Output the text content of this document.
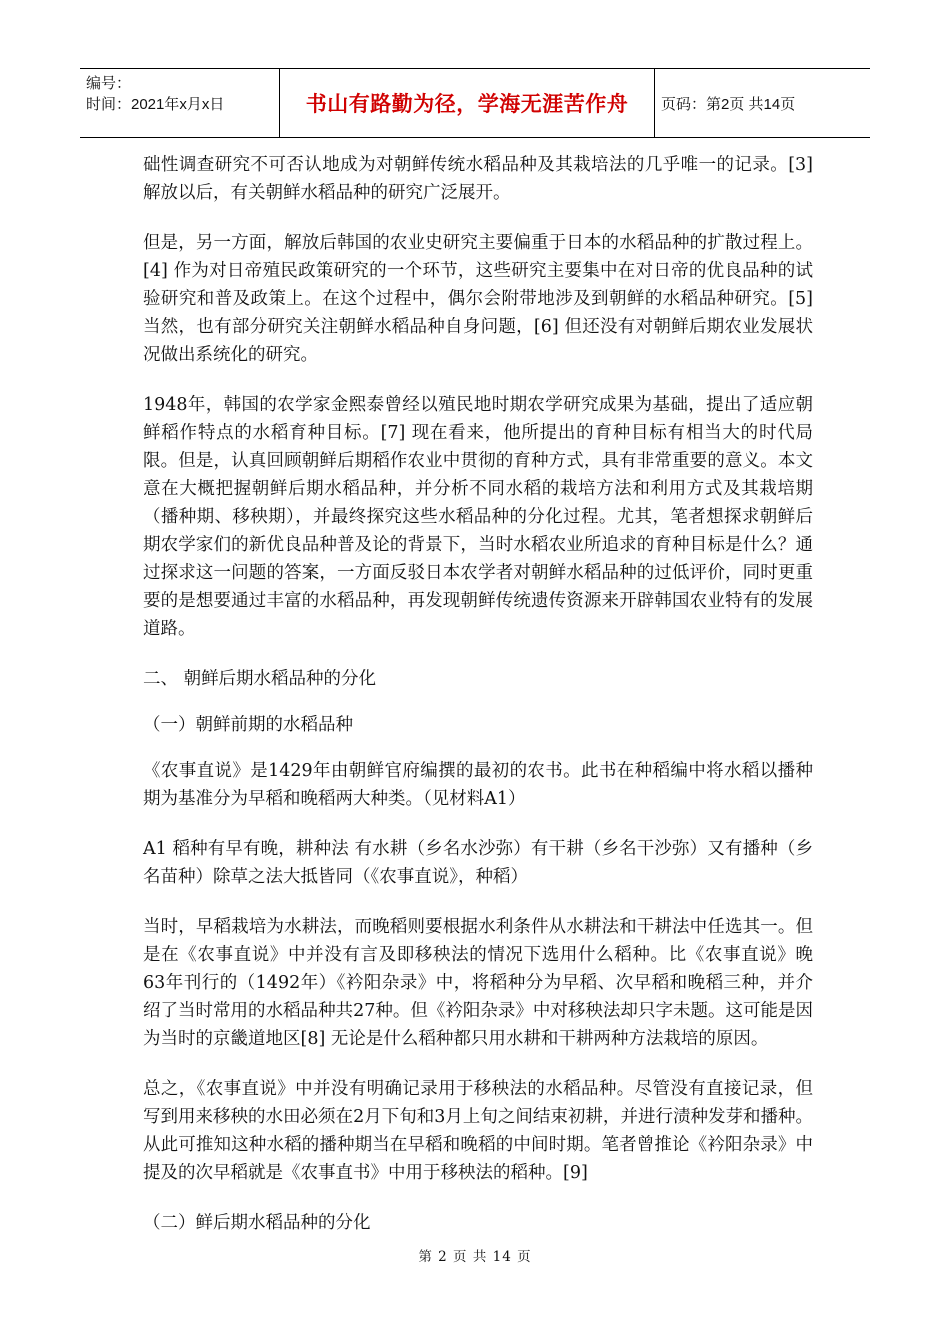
编号：
时间：2021年x月x日	书山有路勤为径，学海无涯苦作舟 页码：第2页 共14页

础性调查研究不可否认地成为对朝鲜传统水稻品种及其栽培法的几乎唯一的记录。[3] 解放以后，有关朝鲜水稻品种的研究广泛展开。

但是，另一方面，解放后韩国的农业史研究主要偏重于日本的水稻品种的扩散过程上。[4] 作为对日帝殖民政策研究的一个环节，这些研究主要集中在对日帝的优良品种的试验研究和普及政策上。在这个过程中，偶尔会附带地涉及到朝鲜的水稻品种研究。[5] 当然，也有部分研究关注朝鲜水稻品种自身问题，[6] 但还没有对朝鲜后期农业发展状况做出系统化的研究。

1948年，韩国的农学家金熙泰曾经以殖民地时期农学研究成果为基础，提出了适应朝鲜稻作特点的水稻育种目标。[7] 现在看来，他所提出的育种目标有相当大的时代局限。但是，认真回顾朝鲜后期稻作农业中贯彻的育种方式，具有非常重要的意义。本文意在大概把握朝鲜后期水稻品种，并分析不同水稻的栽培方法和利用方式及其栽培期（播种期、移秧期），并最终探究这些水稻品种的分化过程。尤其，笔者想探求朝鲜后期农学家们的新优良品种普及论的背景下，当时水稻农业所追求的育种目标是什么？通过探求这一问题的答案，一方面反驳日本农学者对朝鲜水稻品种的过低评价，同时更重要的是想要通过丰富的水稻品种，再发现朝鲜传统遗传资源来开辟韩国农业特有的发展道路。

二、 朝鲜后期水稻品种的分化

（一）朝鲜前期的水稻品种

《农事直说》是1429年由朝鲜官府编撰的最初的农书。此书在种稻编中将水稻以播种期为基准分为早稻和晚稻两大种类。（见材料A1）

A1 稻种有早有晚，耕种法 有水耕（乡名水沙弥）有干耕（乡名干沙弥）又有播种（乡名苗种）除草之法大抵皆同（《农事直说》，种稻）

当时，早稻栽培为水耕法，而晚稻则要根据水利条件从水耕法和干耕法中任选其一。但是在《农事直说》中并没有言及即移秧法的情况下选用什么稻种。比《农事直说》晚 63年刊行的（1492年）《衿阳杂录》中，将稻种分为早稻、次早稻和晚稻三种，并介绍了当时常用的水稻品种共27种。但《衿阳杂录》中对移秧法却只字未题。这可能是因为当时的京畿道地区[8] 无论是什么稻种都只用水耕和干耕两种方法栽培的原因。

总之，《农事直说》中并没有明确记录用于移秧法的水稻品种。尽管没有直接记录，但写到用来移秧的水田必须在2月下旬和3月上旬之间结束初耕，并进行渍种发芽和播种。从此可推知这种水稻的播种期当在早稻和晚稻的中间时期。笔者曾推论《衿阳杂录》中提及的次早稻就是《农事直书》中用于移秧法的稻种。[9]

（二）鲜后期水稻品种的分化

第 2 页 共 14 页
